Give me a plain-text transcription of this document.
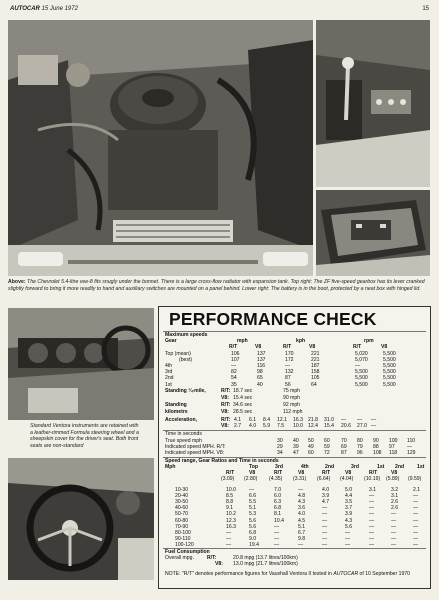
AUTOCAR 15 June 1972	15
Above: The Chevrolet 5.4-litre vee-8 fits snugly under the bonnet. There is a large cross-flow radiator with expansion tank. Top right: The ZF five-speed gearbox has its lever cranked slightly forward to bring it more readily to hand and auxiliary switches are mounted on a panel behind. Lower right: The battery is in the boot, protected by a neat box with hinged lid.
Standard Ventora instruments are retained with a leather-rimmed Formula steering wheel and a sheepskin cover for the driver's seat. Both front seats are non-standard
PERFORMANCE CHECK
Maximum speeds
Gear	mph	kph	rpm
R/T	V8	R/T	V8	R/T	V8
Top (mean)	106	137	170	221	5,020	5,500
(best)	107	137	172	221	5,070	5,500
4th	—	116	—	187	—	5,500
3rd	82	98	132	158	5,500	5,500
2nd	54	65	87	105	5,500	5,500
1st	35	40	56	64	5,500	5,500
Standing ¼-mile,	R/T: 18.7 sec	75 mph
V8: 15.4 sec	90 mph
Standing	R/T: 34.6 sec	92 mph
kilometre	V8: 28.5 sec	112 mph
Acceleration,	R/T:
V8:
4.1 6.1 8.4 12.1 16.3 21.8 31.0 — — —
2.7 4.0 5.9 7.5 10.0 12.4 15.4 20.6 27.0 —
Time in seconds
True speed mph	30 40 50 60 70 80 90 100 110
Indicated speed MPH. R/T:	29 39 49 59 69 79 88 97 —
Indicated speed MPH. V8:	34 47 60 72 87 96 108 118 129
Speed range, Gear Ratios and Time in seconds
Mph	Top	3rd	4th	2nd	3rd	1st 2nd	1st
R/T	V8	R/T	V8	R/T	V8	R/T	V8
(3.09) (2.80) (4.35) (3.31) (6.64) (4.04) (10.19) (5.89) (9.59)
10-30	10.0	—	7.0	—	4.0	5.0	3.1	3.2	2.1
20-40	8.5	6.6	6.0	4.8	3.9	4.4	—	3.1	—
30-50	8.8	5.5	6.3	4.3	4.7	3.5	—	2.6	—
40-60	9.1	5.1	6.8	3.6	—	3.7	—	2.6	—
50-70	10.2	5.3	8.1	4.0	—	3.9	—	—	—
60-80	12.3	5.6	10.4	4.5	—	4.3	—	—	—
70-90	16.3	5.6	—	5.1	—	5.6	—	—	—
80-100	—	6.8	—	6.7	—	—	—	—	—
90-110	—	9.0	—	9.8	—	—	—	—	—
100-120	—	19.4	—	—	—	—	—	—	—
Fuel Consumption
Overall mpg.	R/T:	20.8 mpg (13.7 litres/100km)
V8: 13.0 mpg (21.7 litres/100km)
NOTE: "R/T" denotes performance figures for Vauxhall Ventora II tested in AUTOCAR of 10 September 1970
